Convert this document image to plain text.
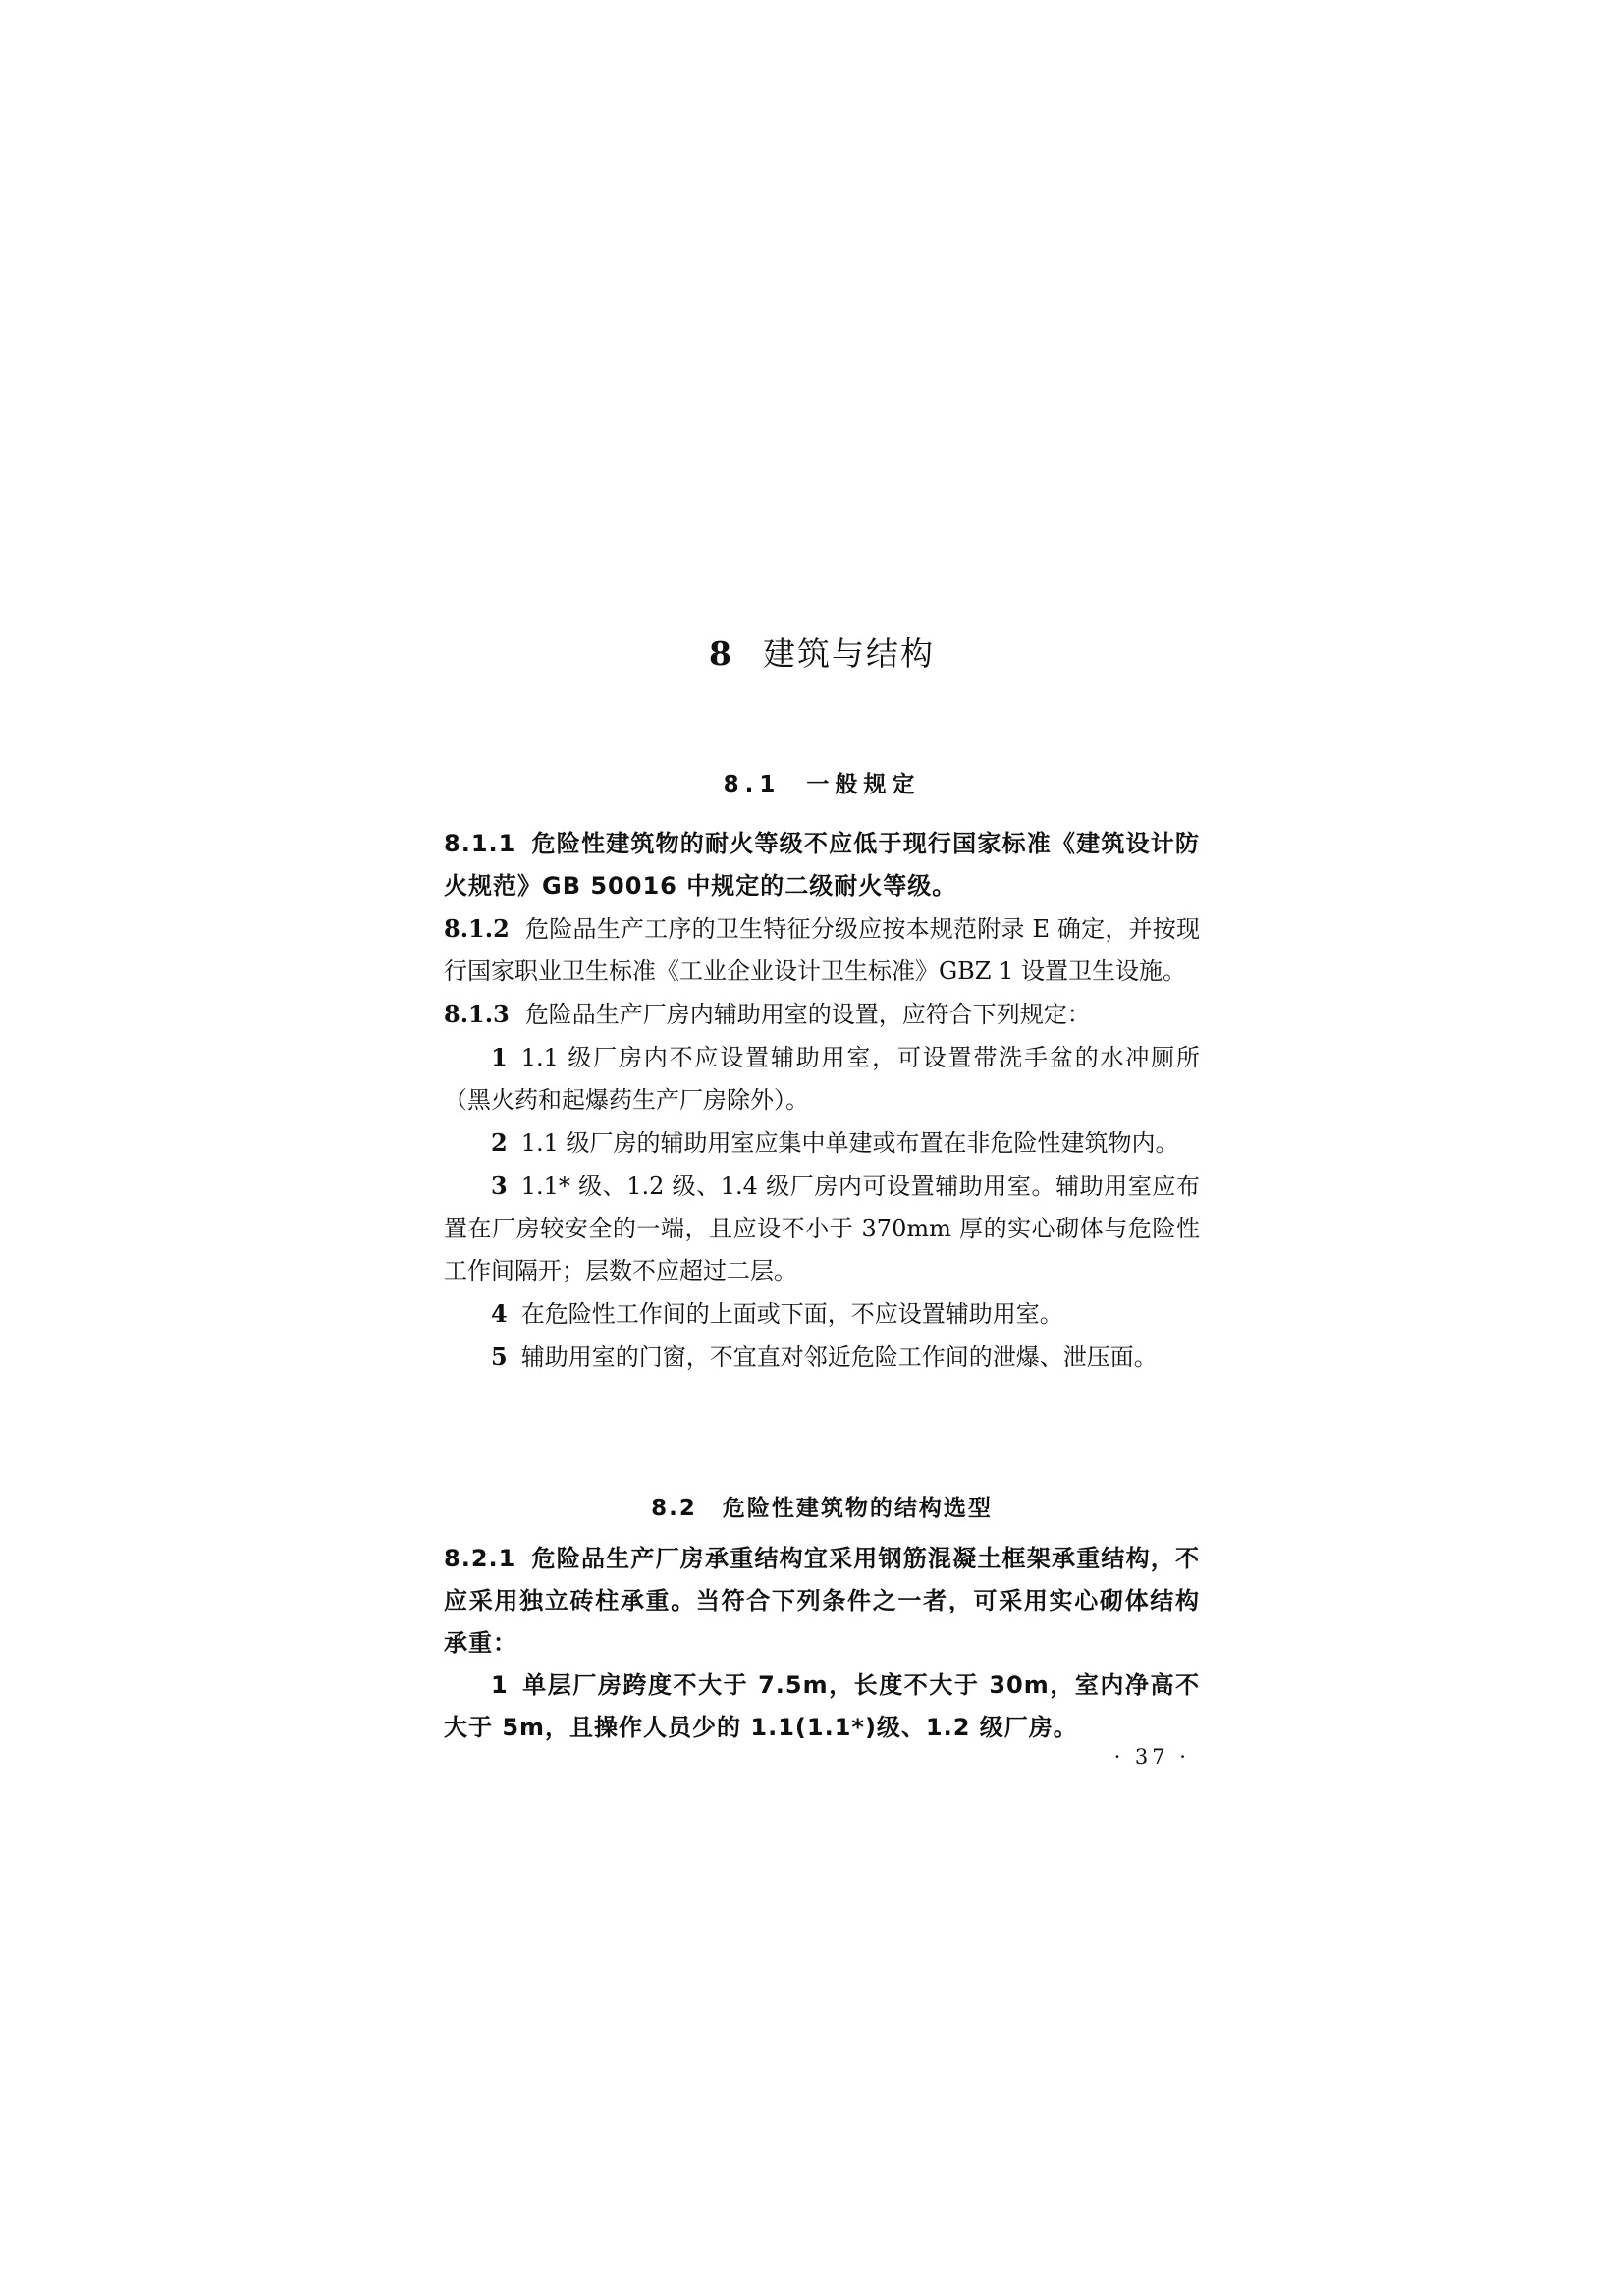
8 建筑与结构
8.1 一般规定

8.1.1 危险性建筑物的耐火等级不应低于现行国家标准《建筑设计防火规范》GB 50016 中规定的二级耐火等级。

8.1.2 危险品生产工序的卫生特征分级应按本规范附录 E 确定，并按现行国家职业卫生标准《工业企业设计卫生标准》GBZ 1 设置卫生设施。

8.1.3 危险品生产厂房内辅助用室的设置，应符合下列规定：

1 1.1 级厂房内不应设置辅助用室，可设置带洗手盆的水冲厕所（黑火药和起爆药生产厂房除外）。

2 1.1 级厂房的辅助用室应集中单建或布置在非危险性建筑物内。

3 1.1* 级、1.2 级、1.4 级厂房内可设置辅助用室。辅助用室应布置在厂房较安全的一端，且应设不小于 370mm 厚的实心砌体与危险性工作间隔开；层数不应超过二层。

4 在危险性工作间的上面或下面，不应设置辅助用室。

5 辅助用室的门窗，不宜直对邻近危险工作间的泄爆、泄压面。

8.2 危险性建筑物的结构选型

8.2.1 危险品生产厂房承重结构宜采用钢筋混凝土框架承重结构，不应采用独立砖柱承重。当符合下列条件之一者，可采用实心砌体结构承重：

1 单层厂房跨度不大于 7.5m，长度不大于 30m，室内净高不大于 5m，且操作人员少的 1.1(1.1*)级、1.2 级厂房。

· 37 ·
